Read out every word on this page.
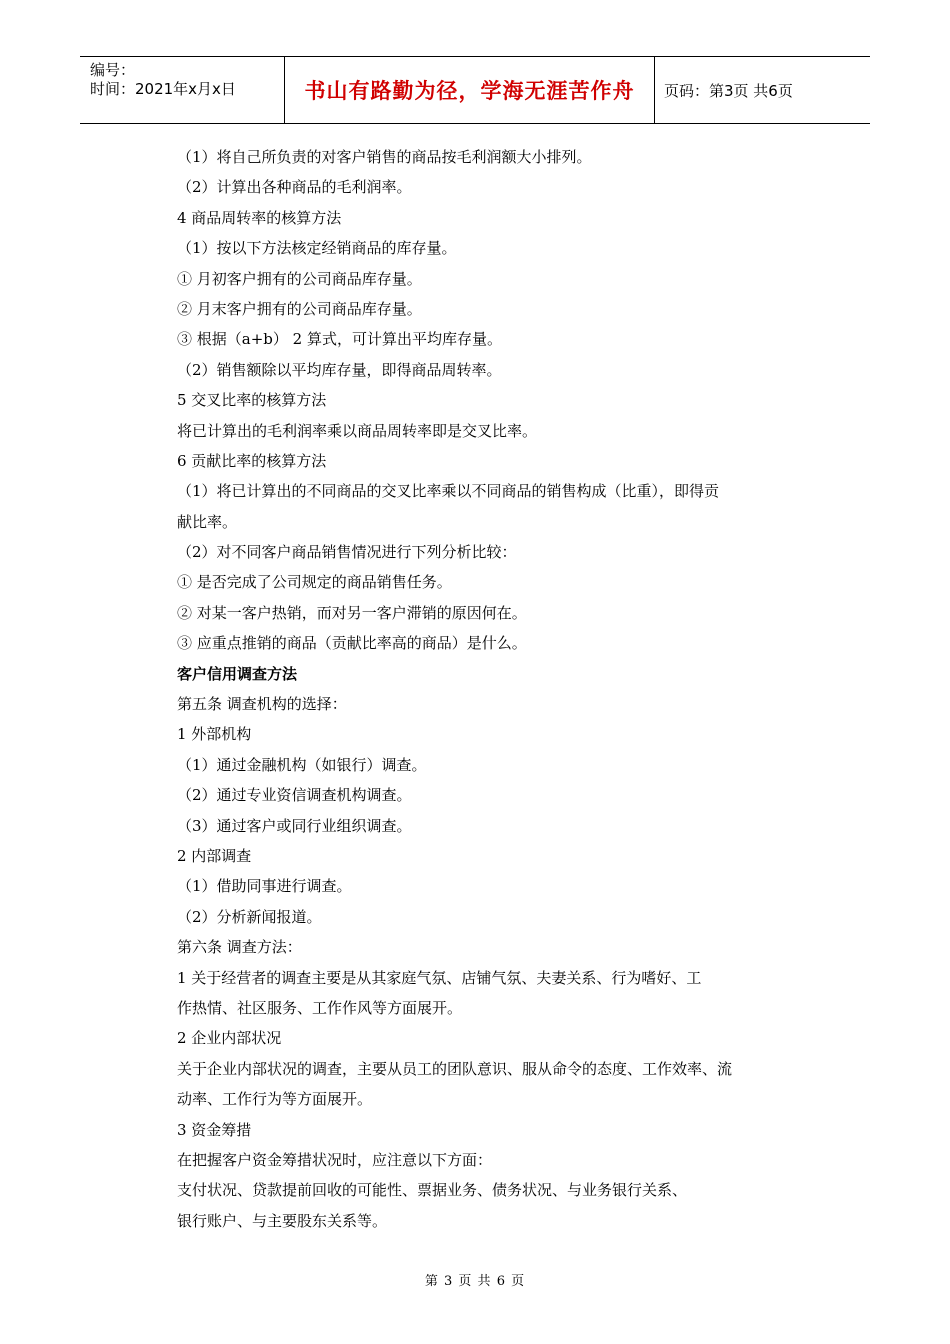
编号：
时间：2021年x月x日	书山有路勤为径，学海无涯苦作舟	页码：第3页 共6页
（1）将自己所负责的对客户销售的商品按毛利润额大小排列。
（2）计算出各种商品的毛利润率。
4 商品周转率的核算方法
（1）按以下方法核定经销商品的库存量。
① 月初客户拥有的公司商品库存量。
② 月末客户拥有的公司商品库存量。
③ 根据（a+b） 2 算式，可计算出平均库存量。
（2）销售额除以平均库存量，即得商品周转率。
5 交叉比率的核算方法
将已计算出的毛利润率乘以商品周转率即是交叉比率。
6 贡献比率的核算方法
（1）将已计算出的不同商品的交叉比率乘以不同商品的销售构成（比重），即得贡
献比率。
（2）对不同客户商品销售情况进行下列分析比较：
① 是否完成了公司规定的商品销售任务。
② 对某一客户热销，而对另一客户滞销的原因何在。
③ 应重点推销的商品（贡献比率高的商品）是什么。
客户信用调查方法
第五条 调查机构的选择：
1 外部机构
（1）通过金融机构（如银行）调查。
（2）通过专业资信调查机构调查。
（3）通过客户或同行业组织调查。
2 内部调查
（1）借助同事进行调查。
（2）分析新闻报道。
第六条 调查方法：
1 关于经营者的调查主要是从其家庭气氛、店铺气氛、夫妻关系、行为嗜好、工
作热情、社区服务、工作作风等方面展开。
2 企业内部状况
关于企业内部状况的调查，主要从员工的团队意识、服从命令的态度、工作效率、流
动率、工作行为等方面展开。
3 资金筹措
在把握客户资金筹措状况时，应注意以下方面：
支付状况、贷款提前回收的可能性、票据业务、债务状况、与业务银行关系、
银行账户、与主要股东关系等。
第 3 页 共 6 页
